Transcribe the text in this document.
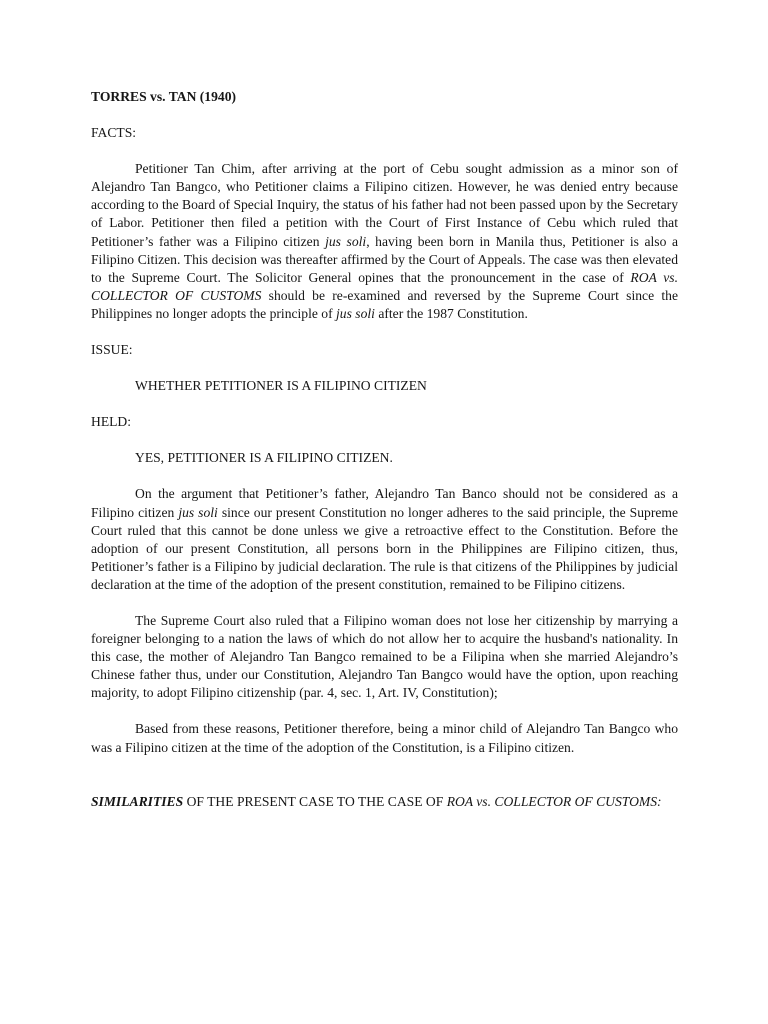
TORRES vs. TAN (1940)

FACTS:

Petitioner Tan Chim, after arriving at the port of Cebu sought admission as a minor son of Alejandro Tan Bangco, who Petitioner claims a Filipino citizen. However, he was denied entry because according to the Board of Special Inquiry, the status of his father had not been passed upon by the Secretary of Labor. Petitioner then filed a petition with the Court of First Instance of Cebu which ruled that Petitioner’s father was a Filipino citizen jus soli, having been born in Manila thus, Petitioner is also a Filipino Citizen. This decision was thereafter affirmed by the Court of Appeals. The case was then elevated to the Supreme Court. The Solicitor General opines that the pronouncement in the case of ROA vs. COLLECTOR OF CUSTOMS should be re-examined and reversed by the Supreme Court since the Philippines no longer adopts the principle of jus soli after the 1987 Constitution.

ISSUE:

WHETHER PETITIONER IS A FILIPINO CITIZEN

HELD:

YES, PETITIONER IS A FILIPINO CITIZEN.

On the argument that Petitioner’s father, Alejandro Tan Banco should not be considered as a Filipino citizen jus soli since our present Constitution no longer adheres to the said principle, the Supreme Court ruled that this cannot be done unless we give a retroactive effect to the Constitution. Before the adoption of our present Constitution, all persons born in the Philippines are Filipino citizen, thus, Petitioner’s father is a Filipino by judicial declaration. The rule is that citizens of the Philippines by judicial declaration at the time of the adoption of the present constitution, remained to be Filipino citizens.

The Supreme Court also ruled that a Filipino woman does not lose her citizenship by marrying a foreigner belonging to a nation the laws of which do not allow her to acquire the husband's nationality. In this case, the mother of Alejandro Tan Bangco remained to be a Filipina when she married Alejandro’s Chinese father thus, under our Constitution, Alejandro Tan Bangco would have the option, upon reaching majority, to adopt Filipino citizenship (par. 4, sec. 1, Art. IV, Constitution);

Based from these reasons, Petitioner therefore, being a minor child of Alejandro Tan Bangco who was a Filipino citizen at the time of the adoption of the Constitution, is a Filipino citizen.

SIMILARITIES OF THE PRESENT CASE TO THE CASE OF ROA vs. COLLECTOR OF CUSTOMS:
